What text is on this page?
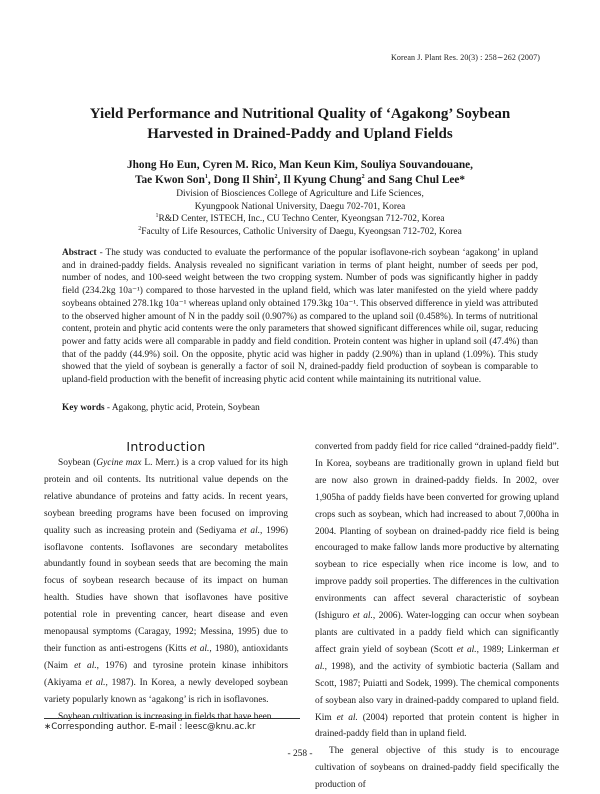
Korean J. Plant Res. 20(3) : 258∼262 (2007)
Yield Performance and Nutritional Quality of ‘Agakong’ Soybean
Harvested in Drained-Paddy and Upland Fields
Jhong Ho Eun, Cyren M. Rico, Man Keun Kim, Souliya Souvandouane,
Tae Kwon Son$^1$, Dong Il Shin$^2$, Il Kyung Chung$^2$ and Sang Chul Lee*
Division of Biosciences College of Agriculture and Life Sciences,
Kyungpook National University, Daegu 702-701, Korea
$^1$R&D Center, ISTECH, Inc., CU Techno Center, Kyeongsan 712-702, Korea
$^2$Faculty of Life Resources, Catholic University of Daegu, Kyeongsan 712-702, Korea
Abstract - The study was conducted to evaluate the performance of the popular isoflavone-rich soybean ‘agakong’ in upland and in drained-paddy fields. Analysis revealed no significant variation in terms of plant height, number of seeds per pod, number of nodes, and 100-seed weight between the two cropping system. Number of pods was significantly higher in paddy field (234.2kg 10a⁻¹) compared to those harvested in the upland field, which was later manifested on the yield where paddy soybeans obtained 278.1kg 10a⁻¹ whereas upland only obtained 179.3kg 10a⁻¹. This observed difference in yield was attributed to the observed higher amount of N in the paddy soil (0.907%) as compared to the upland soil (0.458%). In terms of nutritional content, protein and phytic acid contents were the only parameters that showed significant differences while oil, sugar, reducing power and fatty acids were all comparable in paddy and field condition. Protein content was higher in upland soil (47.4%) than that of the paddy (44.9%) soil. On the opposite, phytic acid was higher in paddy (2.90%) than in upland (1.09%). This study showed that the yield of soybean is generally a factor of soil N, drained-paddy field production of soybean is comparable to upland-field production with the benefit of increasing phytic acid content while maintaining its nutritional value.
Key words - Agakong, phytic acid, Protein, Soybean

Introduction

Soybean (Gycine max L. Merr.) is a crop valued for its high protein and oil contents. Its nutritional value depends on the relative abundance of proteins and fatty acids. In recent years, soybean breeding programs have been focused on improving quality such as increasing protein and (Sediyama et al., 1996) isoflavone contents. Isoflavones are secondary metabolites abundantly found in soybean seeds that are becoming the main focus of soybean research because of its impact on human health. Studies have shown that isoflavones have positive potential role in preventing cancer, heart disease and even menopausal symptoms (Caragay, 1992; Messina, 1995) due to their function as anti-estrogens (Kitts et al., 1980), antioxidants (Naim et al., 1976) and tyrosine protein kinase inhibitors (Akiyama et al., 1987). In Korea, a newly developed soybean variety popularly known as ‘agakong’ is rich in isoflavones.

Soybean cultivation is increasing in fields that have been

converted from paddy field for rice called “drained-paddy field”. In Korea, soybeans are traditionally grown in upland field but are now also grown in drained-paddy fields. In 2002, over 1,905ha of paddy fields have been converted for growing upland crops such as soybean, which had increased to about 7,000ha in 2004. Planting of soybean on drained-paddy rice field is being encouraged to make fallow lands more productive by alternating soybean to rice especially when rice income is low, and to improve paddy soil properties. The differences in the cultivation environments can affect several characteristic of soybean (Ishiguro et al., 2006). Water-logging can occur when soybean plants are cultivated in a paddy field which can significantly affect grain yield of soybean (Scott et al., 1989; Linkerman et al., 1998), and the activity of symbiotic bacteria (Sallam and Scott, 1987; Puiatti and Sodek, 1999). The chemical components of soybean also vary in drained-paddy compared to upland field. Kim et al. (2004) reported that protein content is higher in drained-paddy field than in upland field.

The general objective of this study is to encourage cultivation of soybeans on drained-paddy field specifically the production of

∗Corresponding author. E-mail : leesc@knu.ac.kr
- 258 -
